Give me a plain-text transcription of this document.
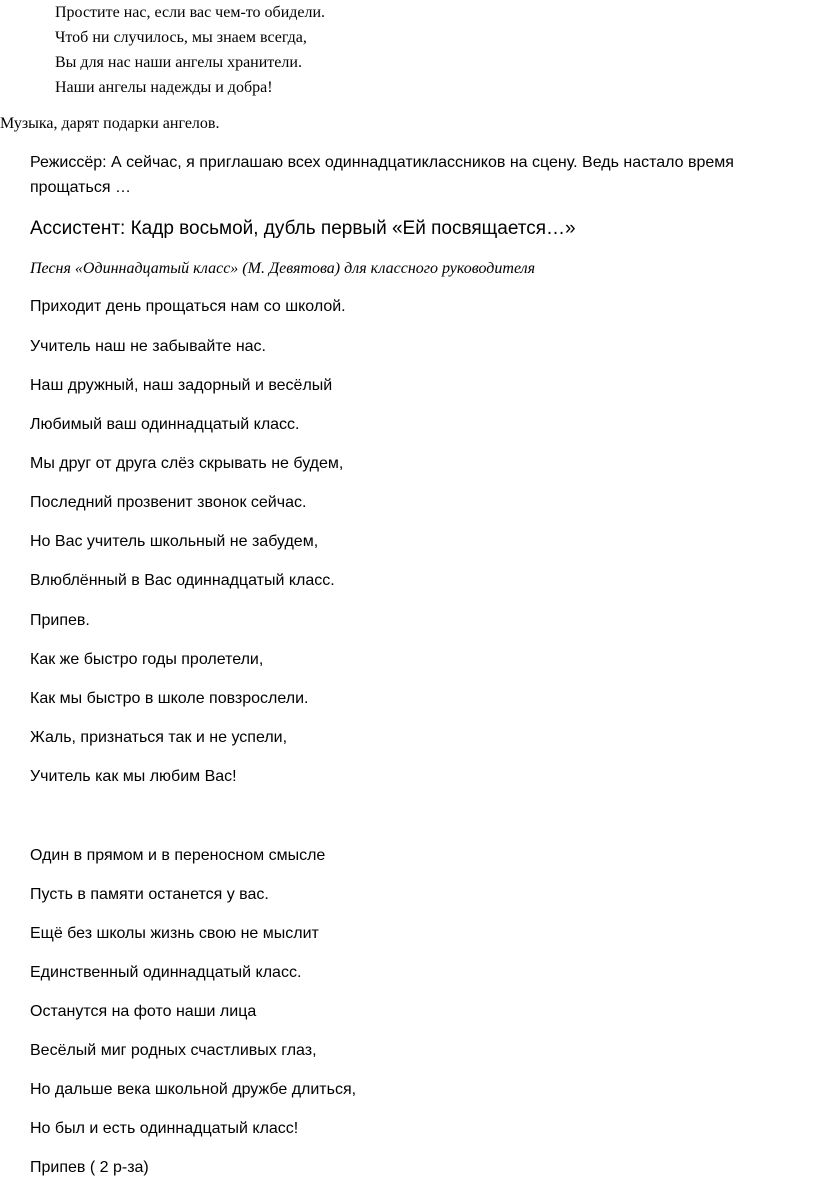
Простите нас, если вас чем-то обидели.
Чтоб ни случилось, мы знаем всегда,
Вы для нас наши ангелы хранители.
Наши ангелы надежды и добра!
Музыка, дарят подарки ангелов.
Режиссёр: А сейчас, я приглашаю всех одиннадцатиклассников на сцену. Ведь настало время
прощаться …
Ассистент: Кадр восьмой, дубль первый «Ей посвящается…»
Песня «Одиннадцатый класс» (М. Девятова) для классного руководителя
Приходит день прощаться нам со школой.
Учитель наш не забывайте нас.
Наш дружный, наш задорный и весёлый
Любимый ваш одиннадцатый класс.
Мы друг от друга слёз скрывать не будем,
Последний прозвенит звонок сейчас.
Но Вас учитель школьный не забудем,
Влюблённый в Вас одиннадцатый класс.
Припев.
Как же быстро годы пролетели,
Как мы быстро в школе повзрослели.
Жаль, признаться так и не успели,
Учитель как мы любим Вас!
Один в прямом и в переносном смысле
Пусть в памяти останется у вас.
Ещё без школы жизнь свою не мыслит
Единственный одиннадцатый класс.
Останутся на фото наши лица
Весёлый миг родных счастливых глаз,
Но дальше века школьной дружбе длиться,
Но был и есть одиннадцатый класс!
Припев ( 2 р-за)
